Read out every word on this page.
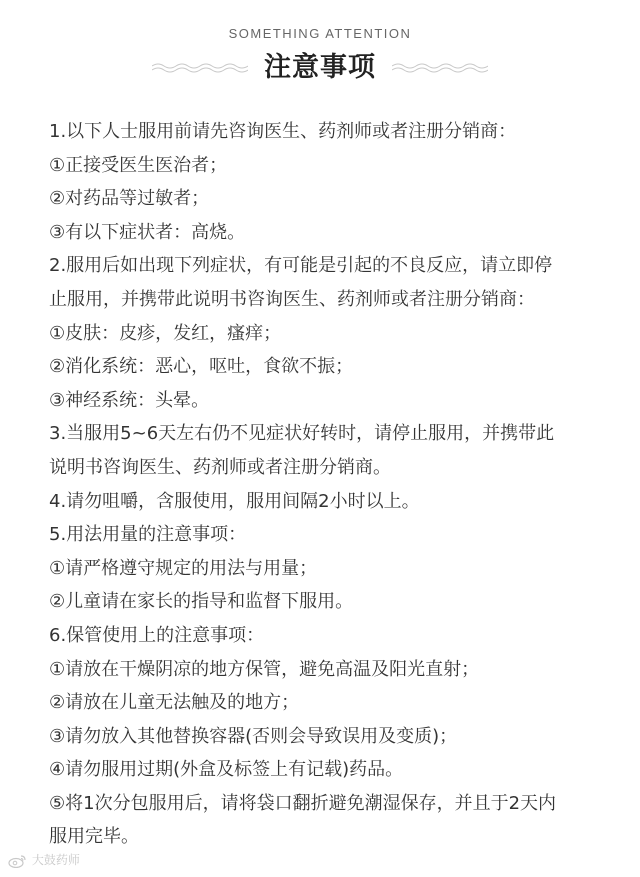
SOMETHING ATTENTION
注意事项
1.以下人士服用前请先咨询医生、药剂师或者注册分销商：
①正接受医生医治者；
②对药品等过敏者；
③有以下症状者：高烧。
2.服用后如出现下列症状，有可能是引起的不良反应，请立即停
止服用，并携带此说明书咨询医生、药剂师或者注册分销商：
①皮肤：皮疹，发红，瘙痒；
②消化系统：恶心，呕吐，食欲不振；
③神经系统：头晕。
3.当服用5~6天左右仍不见症状好转时，请停止服用，并携带此
说明书咨询医生、药剂师或者注册分销商。
4.请勿咀嚼，含服使用，服用间隔2小时以上。
5.用法用量的注意事项：
①请严格遵守规定的用法与用量；
②儿童请在家长的指导和监督下服用。
6.保管使用上的注意事项：
①请放在干燥阴凉的地方保管，避免高温及阳光直射；
②请放在儿童无法触及的地方；
③请勿放入其他替换容器(否则会导致误用及变质)；
④请勿服用过期(外盒及标签上有记载)药品。
⑤将1次分包服用后，请将袋口翻折避免潮湿保存，并且于2天内
服用完毕。
大鼓药师
